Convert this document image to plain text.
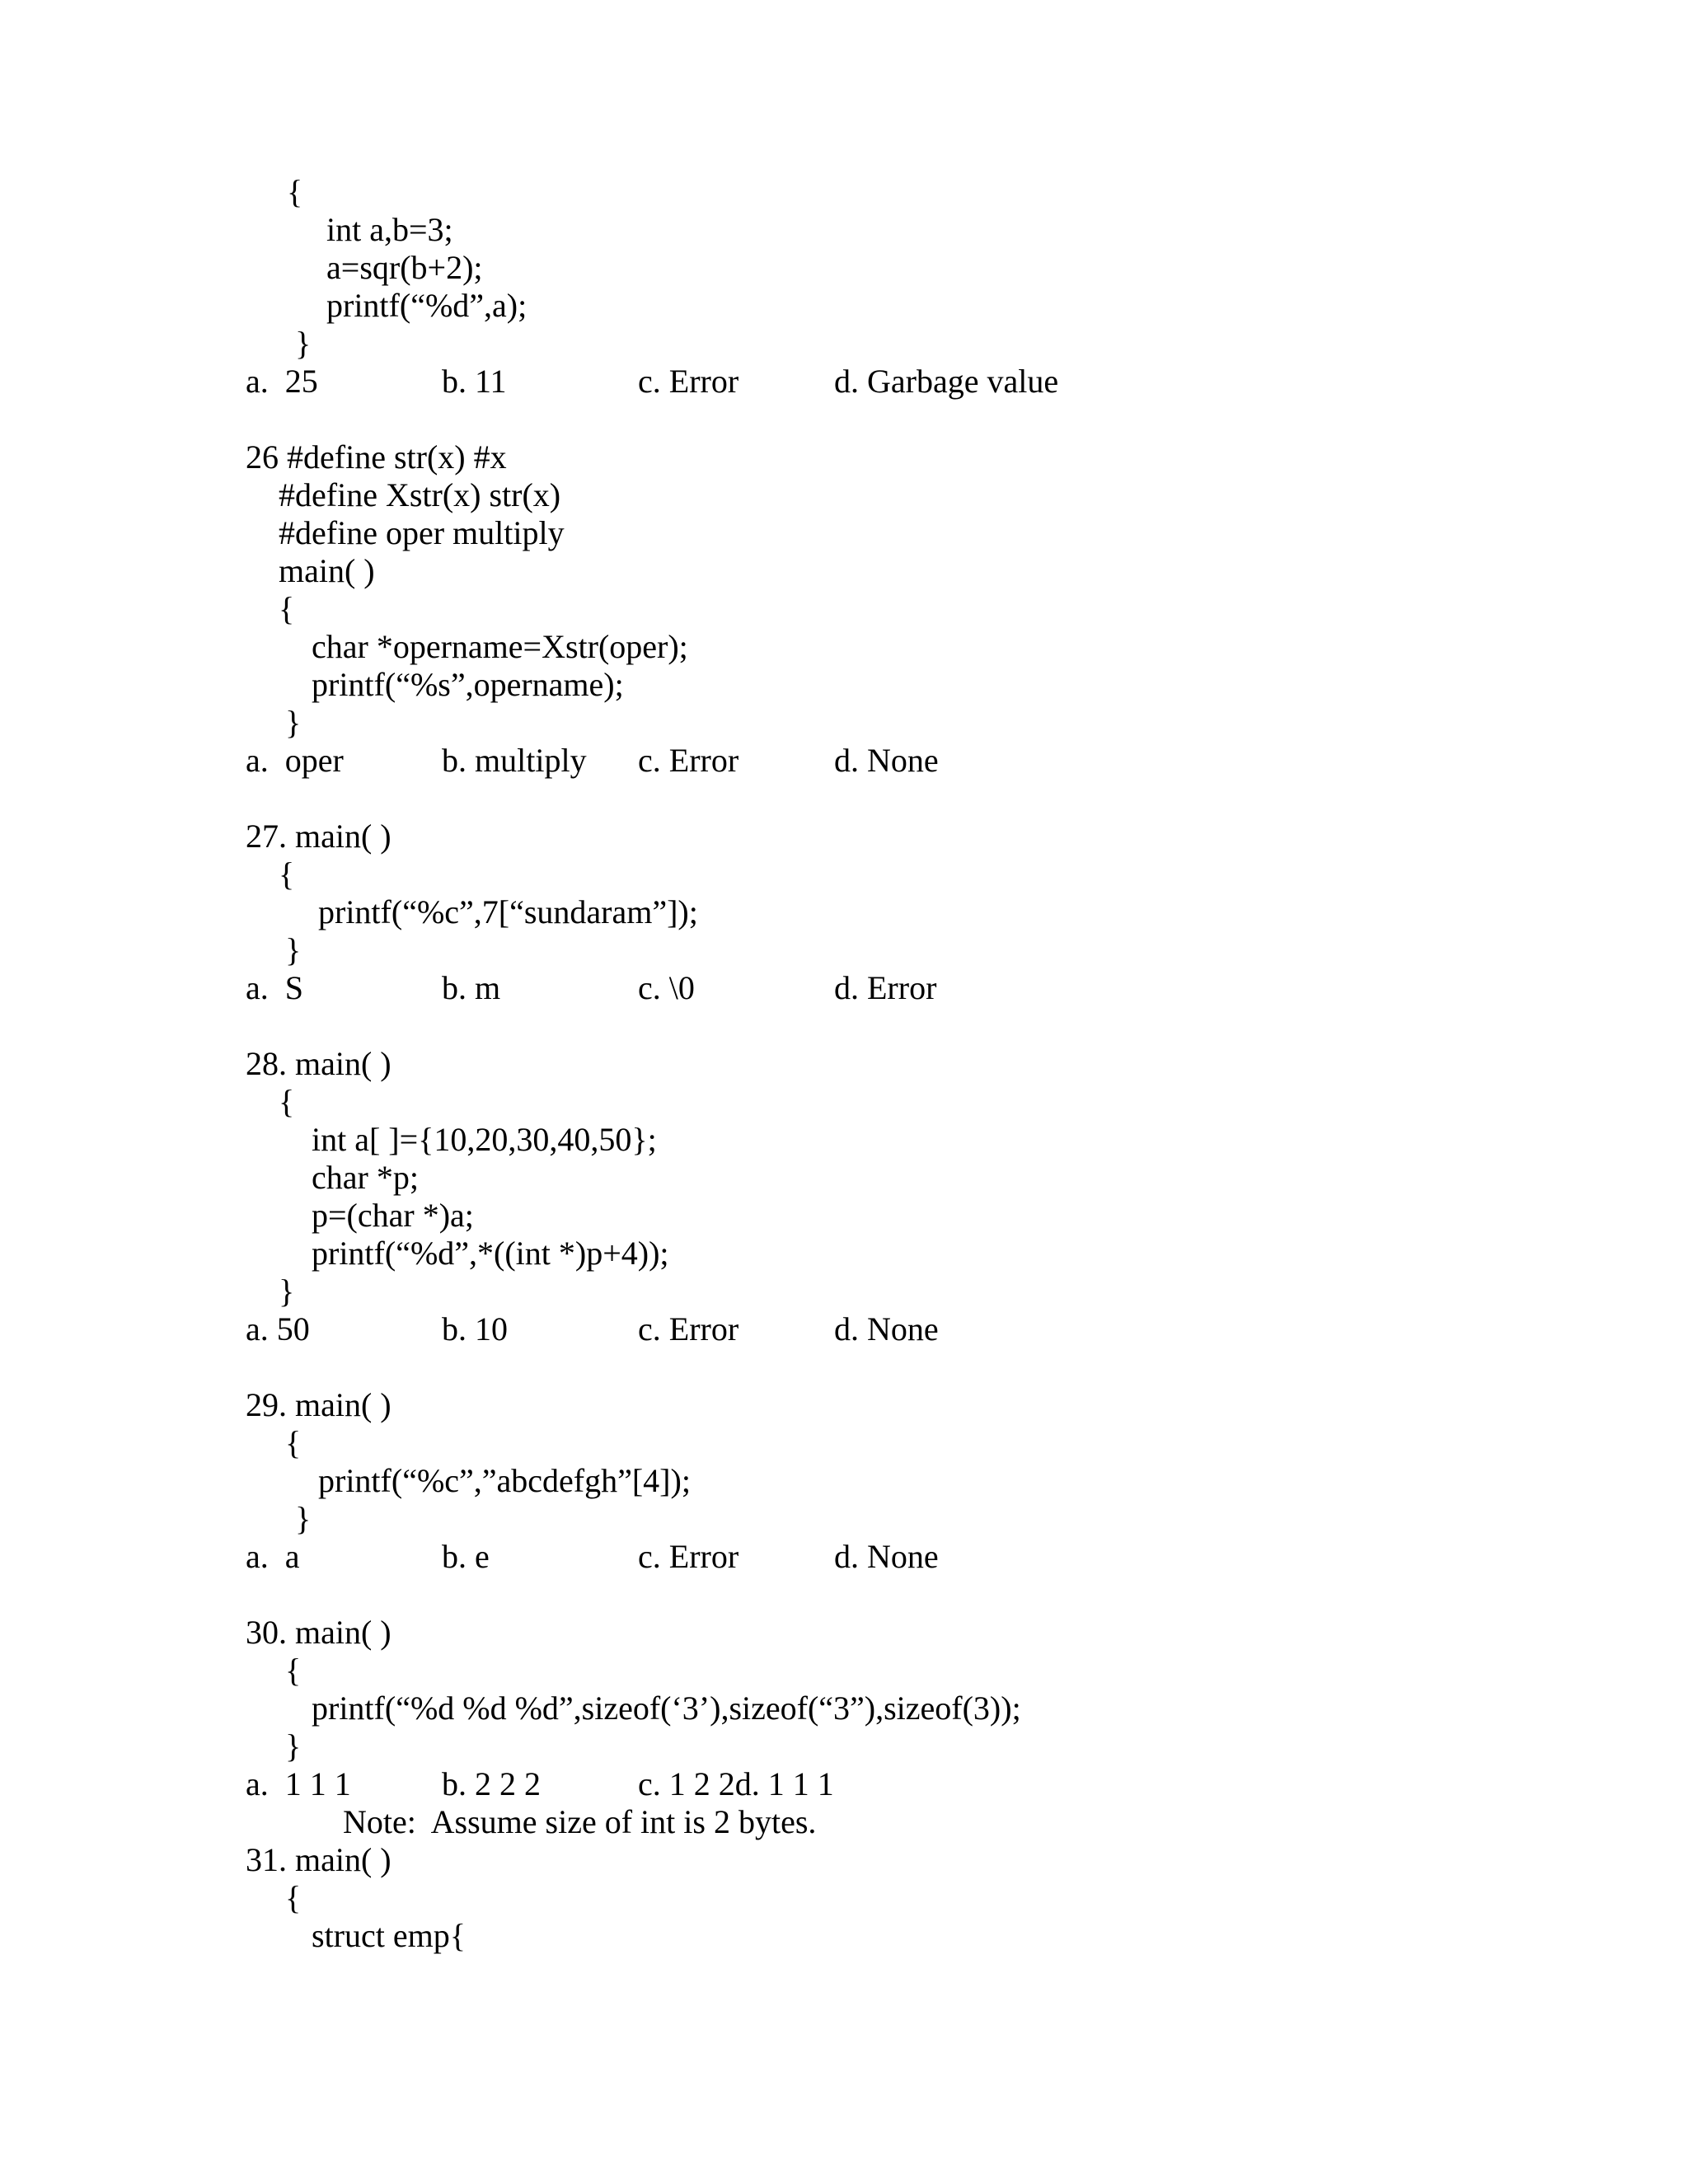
{
int a,b=3;
a=sqr(b+2);
printf(“%d”,a);
}
a.  25	b. 11	c. Error	d. Garbage value
26 #define str(x) #x
#define Xstr(x) str(x)
#define oper multiply
main( )
{
char *opername=Xstr(oper);
printf(“%s”,opername);
}
a.  oper	b. multiply c. Error	d. None
27. main( )
{
printf(“%c”,7[“sundaram”]);
}
a.  S	b. m	c. \0	d. Error
28. main( )
{
int a[ ]={10,20,30,40,50};
char *p;
p=(char *)a;
printf(“%d”,*((int *)p+4));
}
a. 50	b. 10	c. Error	d. None
29. main( )
{
printf(“%c”,”abcdefgh”[4]);
}
a.  a	b. e	c. Error	d. None
30. main( )
{
printf(“%d %d %d”,sizeof(‘3’),sizeof(“3”),sizeof(3));
}
a.  1 1 1	b. 2 2 2	c. 1 2 2d. 1 1 1
Note:  Assume size of int is 2 bytes.
31. main( )
{
struct emp{
